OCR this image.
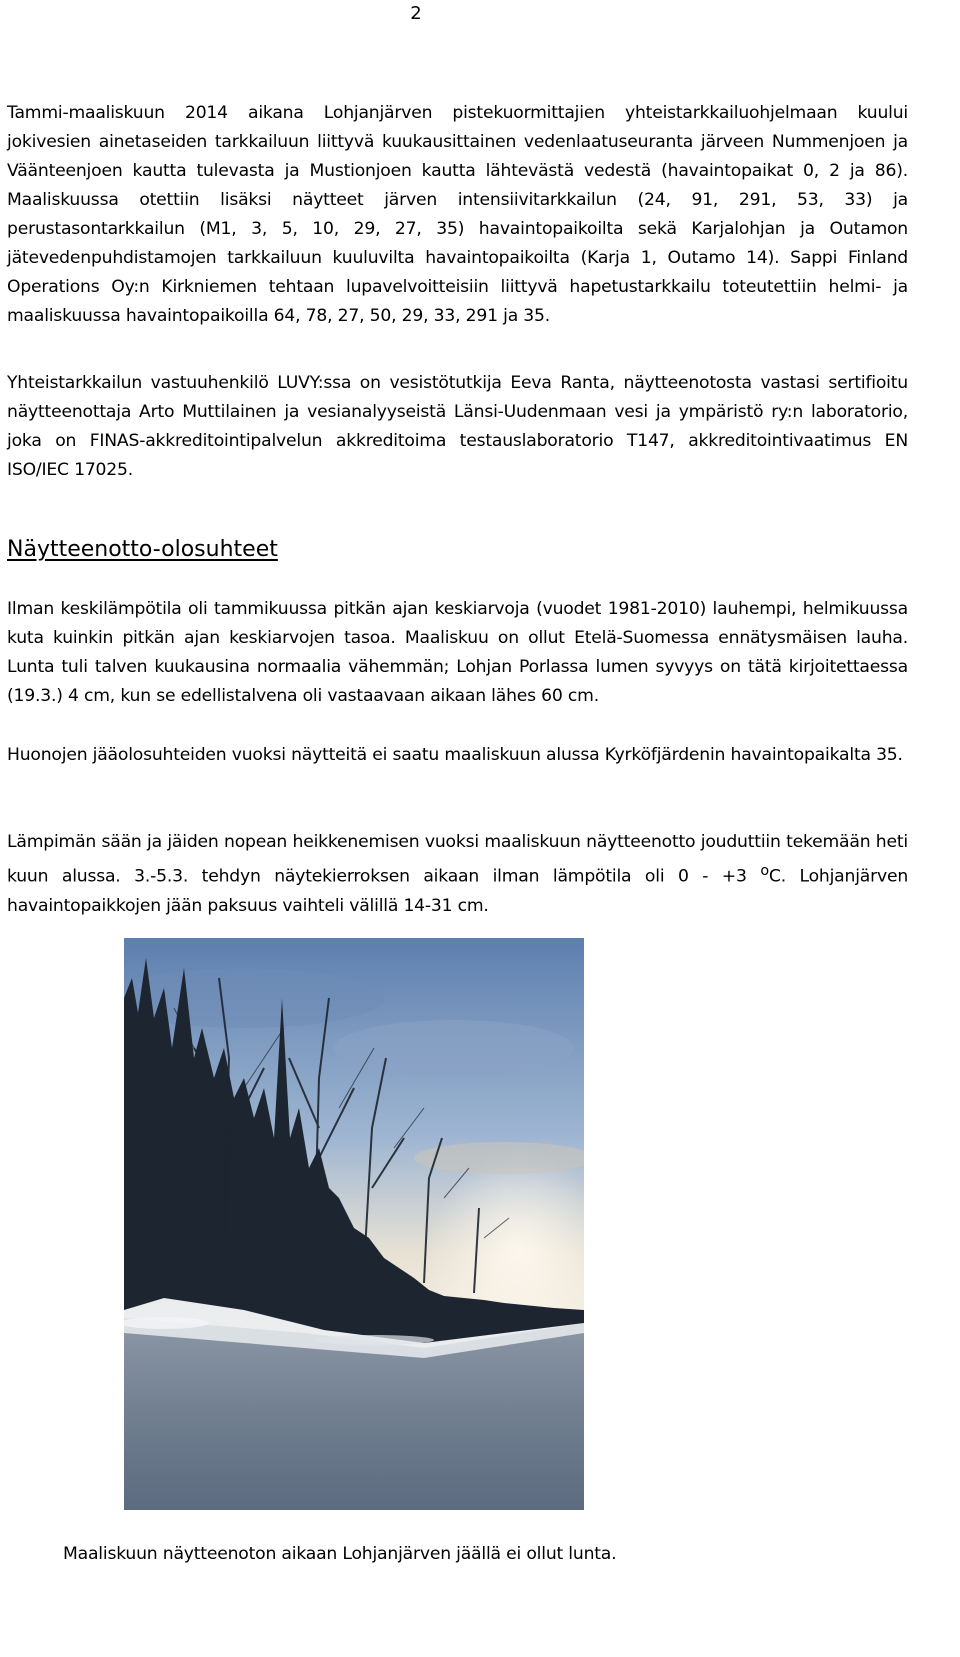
2

Tammi-maaliskuun 2014 aikana Lohjanjärven pistekuormittajien yhteistarkkailuohjelmaan kuului jokivesien ainetaseiden tarkkailuun liittyvä kuukausittainen vedenlaatuseuranta järveen Nummenjoen ja Väänteenjoen kautta tulevasta ja Mustionjoen kautta lähtevästä vedestä (havaintopaikat 0, 2 ja 86). Maaliskuussa otettiin lisäksi näytteet järven intensiivitarkkailun (24, 91, 291, 53, 33) ja perustasontarkkailun (M1, 3, 5, 10, 29, 27, 35) havaintopaikoilta sekä Karjalohjan ja Outamon jätevedenpuhdistamojen tarkkailuun kuuluvilta havaintopaikoilta (Karja 1, Outamo 14). Sappi Finland Operations Oy:n Kirkniemen tehtaan lupavelvoitteisiin liittyvä hapetustarkkailu toteutettiin helmi- ja maaliskuussa havaintopaikoilla 64, 78, 27, 50, 29, 33, 291 ja 35.

Yhteistarkkailun vastuuhenkilö LUVY:ssa on vesistötutkija Eeva Ranta, näytteenotosta vastasi sertifioitu näytteenottaja Arto Muttilainen ja vesianalyyseistä Länsi-Uudenmaan vesi ja ympäristö ry:n laboratorio, joka on FINAS-akkreditointipalvelun akkreditoima testauslaboratorio T147, akkreditointivaatimus EN ISO/IEC 17025.

Näytteenotto-olosuhteet

Ilman keskilämpötila oli tammikuussa pitkän ajan keskiarvoja (vuodet 1981-2010) lauhempi, helmikuussa kuta kuinkin pitkän ajan keskiarvojen tasoa. Maaliskuu on ollut Etelä-Suomessa ennätysmäisen lauha. Lunta tuli talven kuukausina normaalia vähemmän; Lohjan Porlassa lumen syvyys on tätä kirjoitettaessa (19.3.) 4 cm, kun se edellistalvena oli vastaavaan aikaan lähes 60 cm.

Huonojen jääolosuhteiden vuoksi näytteitä ei saatu maaliskuun alussa Kyrköfjärdenin havaintopaikalta 35.

Lämpimän sään ja jäiden nopean heikkenemisen vuoksi maaliskuun näytteenotto jouduttiin tekemään heti kuun alussa. 3.-5.3. tehdyn näytekierroksen aikaan ilman lämpötila oli 0 - +3 $^o$C. Lohjanjärven havaintopaikkojen jään paksuus vaihteli välillä 14-31 cm.

Maaliskuun näytteenoton aikaan Lohjanjärven jäällä ei ollut lunta.
